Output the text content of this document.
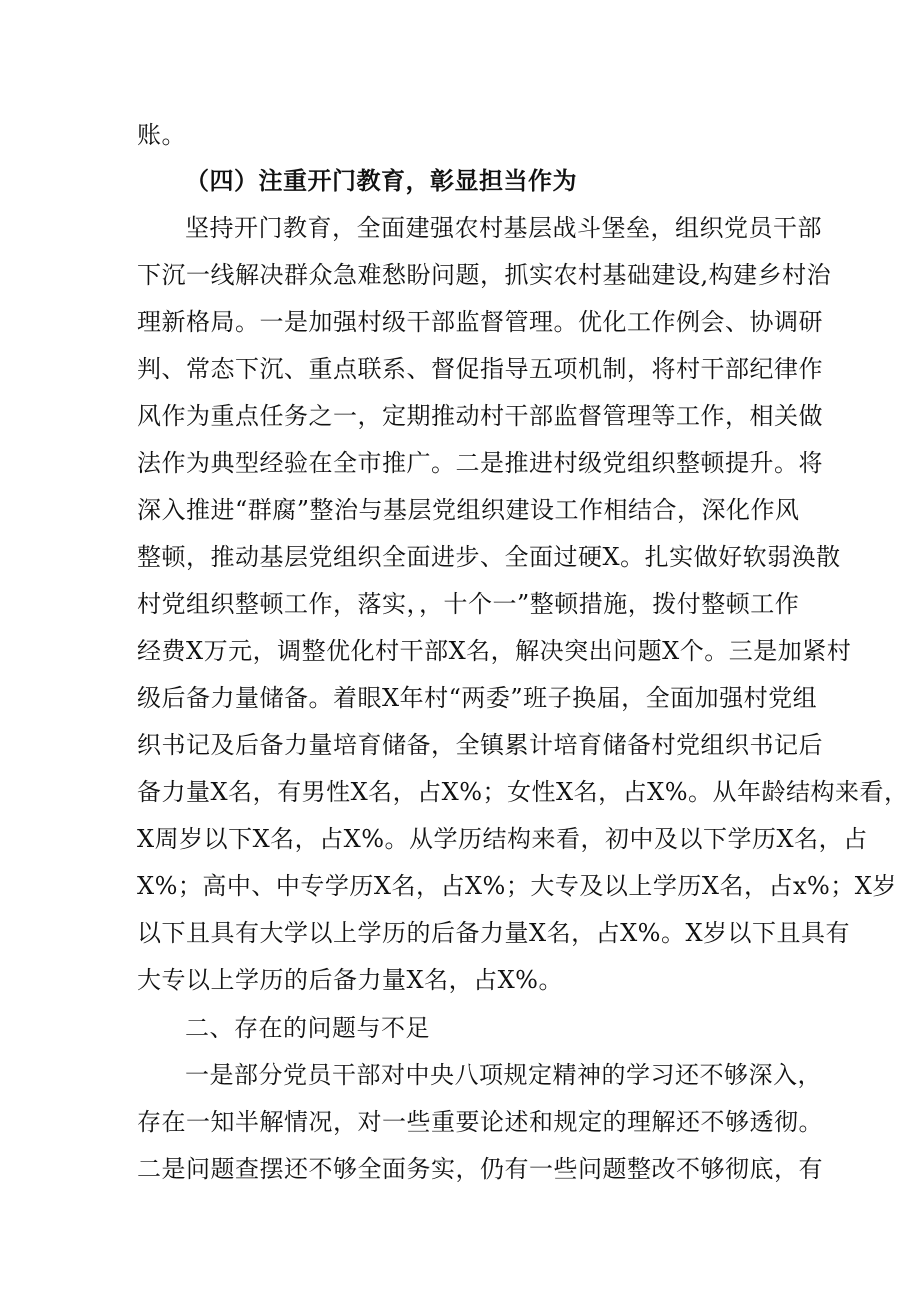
账。
（四）注重开门教育，彰显担当作为
坚持开门教育，全面建强农村基层战斗堡垒，组织党员干部
下沉一线解决群众急难愁盼问题，抓实农村基础建设,构建乡村治
理新格局。一是加强村级干部监督管理。优化工作例会、协调研
判、常态下沉、重点联系、督促指导五项机制，将村干部纪律作
风作为重点任务之一，定期推动村干部监督管理等工作，相关做
法作为典型经验在全市推广。二是推进村级党组织整顿提升。将
深入推进“群腐”整治与基层党组织建设工作相结合，深化作风
整顿，推动基层党组织全面进步、全面过硬X。扎实做好软弱涣散
村党组织整顿工作，落实，，十个一”整顿措施，拨付整顿工作
经费X万元，调整优化村干部X名，解决突出问题X个。三是加紧村
级后备力量储备。着眼X年村“两委”班子换届，全面加强村党组
织书记及后备力量培育储备，全镇累计培育储备村党组织书记后
备力量X名，有男性X名，占X%；女性X名，占X%。从年龄结构来看，
X周岁以下X名，占X%。从学历结构来看，初中及以下学历X名，占
X%；高中、中专学历X名，占X%；大专及以上学历X名，占x%；X岁
以下且具有大学以上学历的后备力量X名，占X%。X岁以下且具有
大专以上学历的后备力量X名，占X%。
二、存在的问题与不足
一是部分党员干部对中央八项规定精神的学习还不够深入，
存在一知半解情况，对一些重要论述和规定的理解还不够透彻。
二是问题查摆还不够全面务实，仍有一些问题整改不够彻底，有
